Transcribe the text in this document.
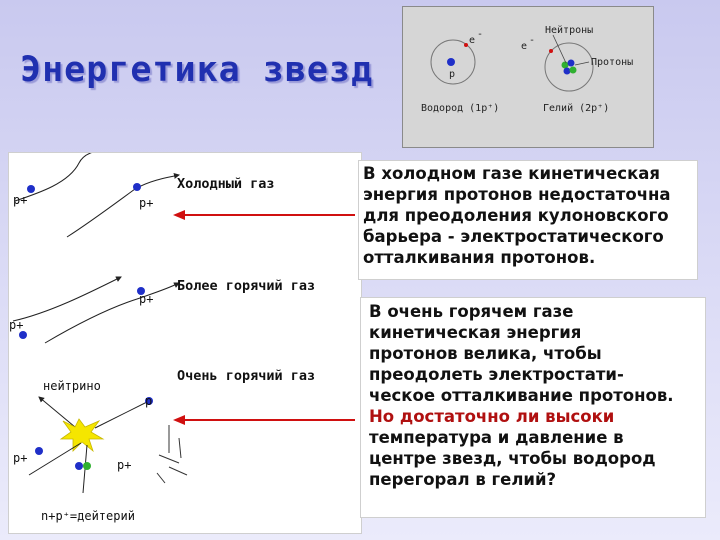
Энергетика звезд
e
-
p
Водород (1p⁺)
e
-
Нейтроны
Протоны
Гелий (2p⁺)
p+	p+
Холодный газ
p+
p+
Более горячий газ
Очень горячий газ
нейтрино
p
p+	p+
n+p⁺=дейтерий
В холодном газе кинетическая
энергия протонов недостаточна
для преодоления кулоновского
барьера - электростатического
отталкивания протонов.
В очень горячем газе
кинетическая энергия
протонов велика, чтобы
преодолеть электростати-
ческое отталкивание протонов.
Но достаточно ли высоки
температура и давление в
центре звезд, чтобы водород
перегорал в гелий?
